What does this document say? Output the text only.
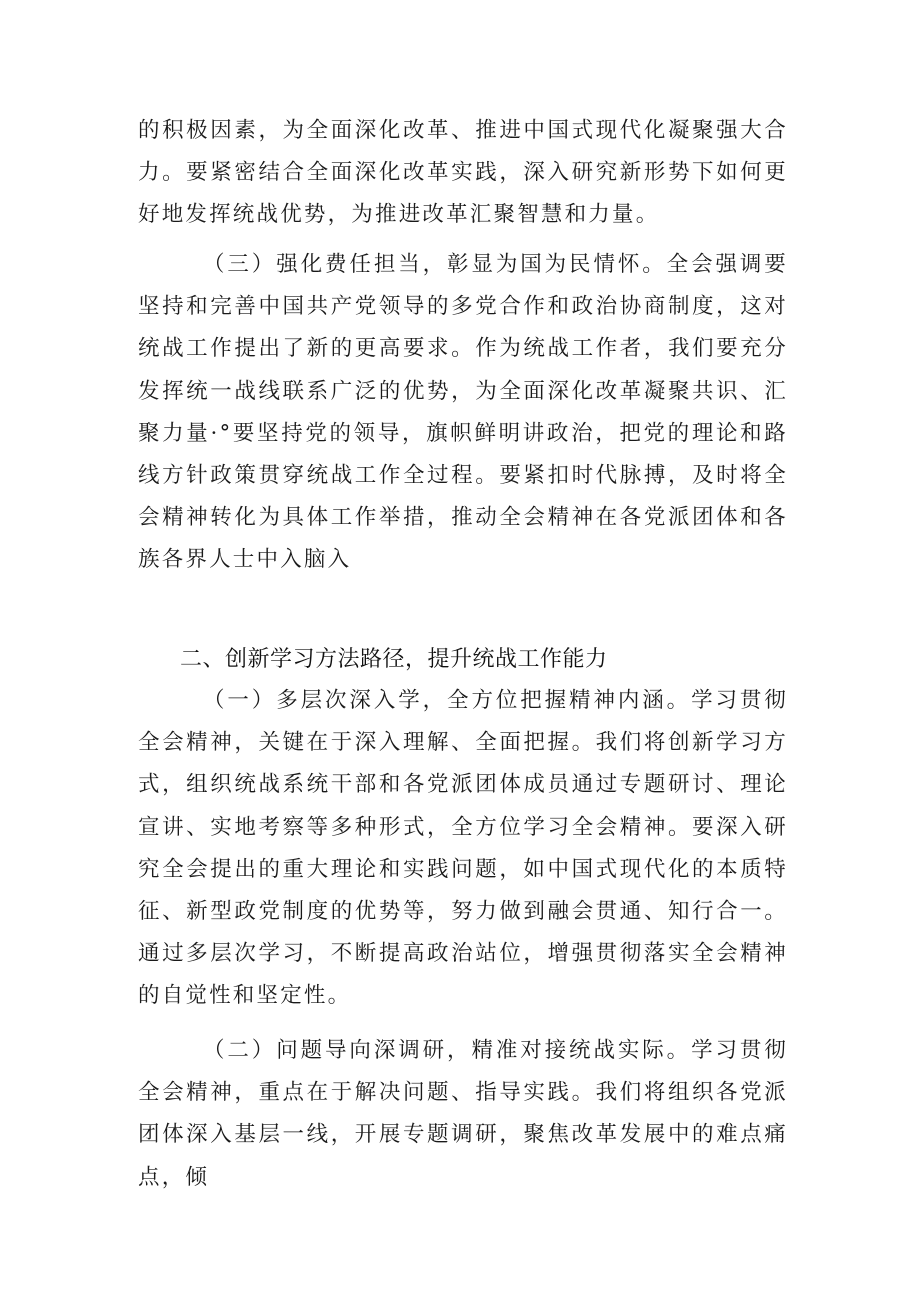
的积极因素，为全面深化改革、推进中国式现代化凝聚强大合力。要紧密结合全面深化改革实践，深入研究新形势下如何更好地发挥统战优势，为推进改革汇聚智慧和力量。

（三）强化费任担当，彰显为国为民情怀。全会强调要坚持和完善中国共产党领导的多党合作和政治协商制度，这对统战工作提出了新的更高要求。作为统战工作者，我们要充分发挥统一战线联系广泛的优势，为全面深化改革凝聚共识、汇聚力量·°要坚持党的领导，旗帜鲜明讲政治，把党的理论和路线方针政策贯穿统战工作全过程。要紧扣时代脉搏，及时将全会精神转化为具体工作举措，推动全会精神在各党派团体和各族各界人士中入脑入

二、创新学习方法路径，提升统战工作能力

（一）多层次深入学，全方位把握精神内涵。学习贯彻全会精神，关键在于深入理解、全面把握。我们将创新学习方式，组织统战系统干部和各党派团体成员通过专题研讨、理论宣讲、实地考察等多种形式，全方位学习全会精神。要深入研究全会提出的重大理论和实践问题，如中国式现代化的本质特征、新型政党制度的优势等，努力做到融会贯通、知行合一。通过多层次学习，不断提高政治站位，增强贯彻落实全会精神的自觉性和坚定性。

（二）问题导向深调研，精准对接统战实际。学习贯彻全会精神，重点在于解决问题、指导实践。我们将组织各党派团体深入基层一线，开展专题调研，聚焦改革发展中的难点痛点，倾
